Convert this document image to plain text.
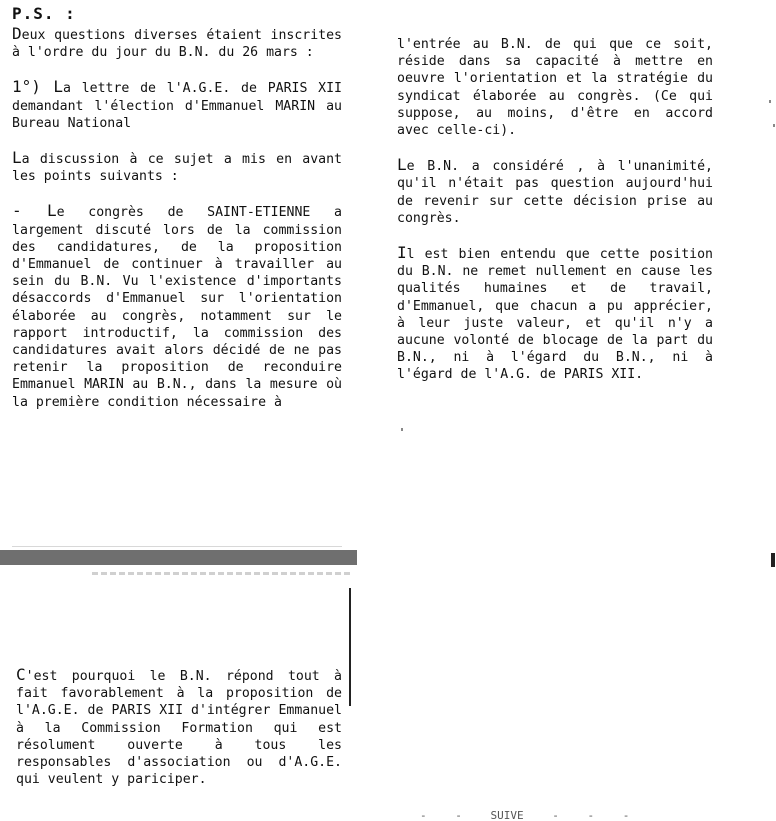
P.S. :

Deux questions diverses étaient inscrites à l'ordre du jour du B.N. du 26 mars :

1°) La lettre de l'A.G.E. de PARIS XII demandant l'élection d'Emmanuel MARIN au Bureau National

La discussion à ce sujet a mis en avant les points suivants :

- Le congrès de SAINT-ETIENNE a largement discuté lors de la commission des candidatures, de la proposition d'Emmanuel de continuer à travailler au sein du B.N. Vu l'existence d'importants désaccords d'Emmanuel sur l'orientation élaborée au congrès, notamment sur le rapport introductif, la commission des candidatures avait alors décidé de ne pas retenir la proposition de reconduire Emmanuel MARIN au B.N., dans la mesure où la première condition nécessaire à

l'entrée au B.N. de qui que ce soit, réside dans sa capacité à mettre en oeuvre l'orientation et la stratégie du syndicat élaborée au congrès. (Ce qui suppose, au moins, d'être en accord avec celle-ci).

Le B.N. a considéré , à l'unanimité, qu'il n'était pas question aujourd'hui de revenir sur cette décision prise au congrès.

Il est bien entendu que cette position du B.N. ne remet nullement en cause les qualités humaines et de travail, d'Emmanuel, que chacun a pu apprécier, à leur juste valeur, et qu'il n'y a aucune volonté de blocage de la part du B.N., ni à l'égard du B.N., ni à l'égard de l'A.G. de PARIS XII.

C'est pourquoi le B.N. répond tout à fait favorablement à la proposition de l'A.G.E. de PARIS XII d'intégrer Emmanuel à la Commission Formation qui est résolument ouverte à tous les responsables d'association ou d'A.G.E. qui veulent y pariciper.

- - SUIVE - - -
